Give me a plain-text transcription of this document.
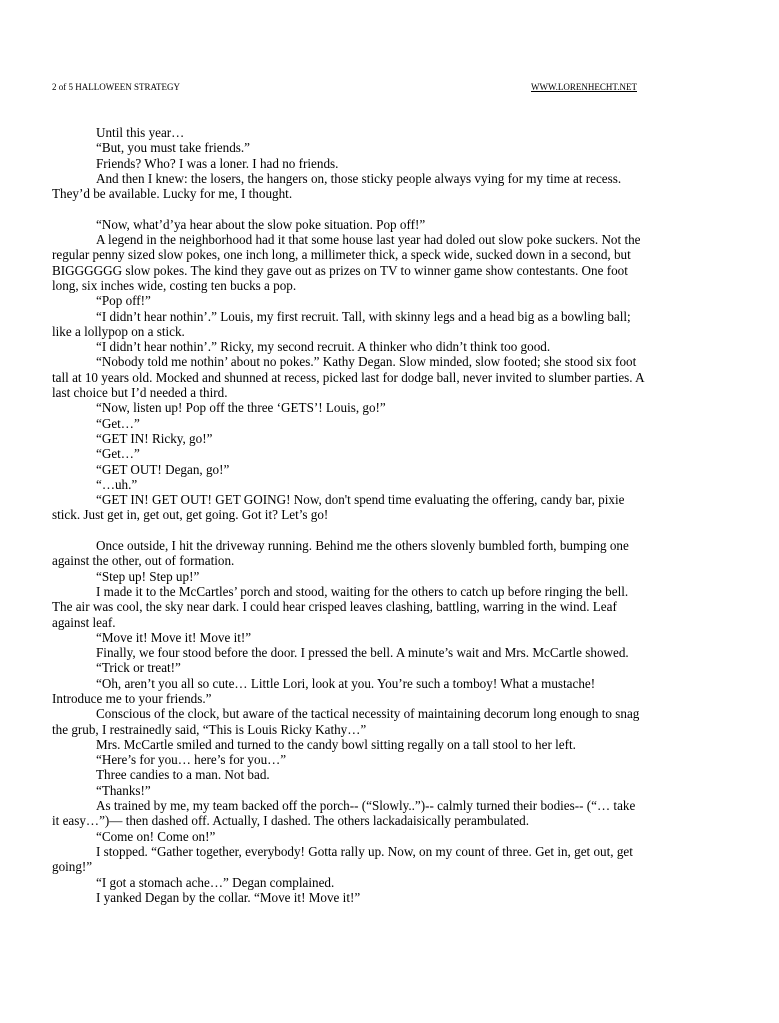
2 of 5 HALLOWEEN STRATEGY	WWW.LORENHECHT.NET

Until this year…

“But, you must take friends.”

Friends? Who? I was a loner. I had no friends.

And then I knew: the losers, the hangers on, those sticky people always vying for my time at recess. They’d be available. Lucky for me, I thought.

“Now, what’d’ya hear about the slow poke situation. Pop off!”

A legend in the neighborhood had it that some house last year had doled out slow poke suckers. Not the regular penny sized slow pokes, one inch long, a millimeter thick, a speck wide, sucked down in a second, but BIGGGGGG slow pokes. The kind they gave out as prizes on TV to winner game show contestants. One foot long, six inches wide, costing ten bucks a pop.

“Pop off!”

“I didn’t hear nothin’.” Louis, my first recruit. Tall, with skinny legs and a head big as a bowling ball; like a lollypop on a stick.

“I didn’t hear nothin’.” Ricky, my second recruit. A thinker who didn’t think too good.

“Nobody told me nothin’ about no pokes.” Kathy Degan. Slow minded, slow footed; she stood six foot tall at 10 years old. Mocked and shunned at recess, picked last for dodge ball, never invited to slumber parties. A last choice but I’d needed a third.

“Now, listen up! Pop off the three ‘GETS’! Louis, go!”

“Get…”

“GET IN! Ricky, go!”

“Get…”

“GET OUT! Degan, go!”

“…uh.”

“GET IN! GET OUT! GET GOING! Now, don't spend time evaluating the offering, candy bar, pixie stick. Just get in, get out, get going. Got it? Let’s go!

Once outside, I hit the driveway running. Behind me the others slovenly bumbled forth, bumping one against the other, out of formation.

“Step up! Step up!”

I made it to the McCartles’ porch and stood, waiting for the others to catch up before ringing the bell. The air was cool, the sky near dark. I could hear crisped leaves clashing, battling, warring in the wind. Leaf against leaf.

“Move it! Move it! Move it!”

Finally, we four stood before the door. I pressed the bell. A minute’s wait and Mrs. McCartle showed.

“Trick or treat!”

“Oh, aren’t you all so cute… Little Lori, look at you. You’re such a tomboy! What a mustache! Introduce me to your friends.”

Conscious of the clock, but aware of the tactical necessity of maintaining decorum long enough to snag the grub, I restrainedly said, “This is Louis Ricky Kathy…”

Mrs. McCartle smiled and turned to the candy bowl sitting regally on a tall stool to her left.

“Here’s for you… here’s for you…”

Three candies to a man. Not bad.

“Thanks!”

As trained by me, my team backed off the porch-- (“Slowly..”)-- calmly turned their bodies-- (“… take it easy…”)— then dashed off. Actually, I dashed. The others lackadaisically perambulated.

“Come on! Come on!”

I stopped. “Gather together, everybody! Gotta rally up. Now, on my count of three. Get in, get out, get going!”

“I got a stomach ache…” Degan complained.

I yanked Degan by the collar. “Move it! Move it!”
